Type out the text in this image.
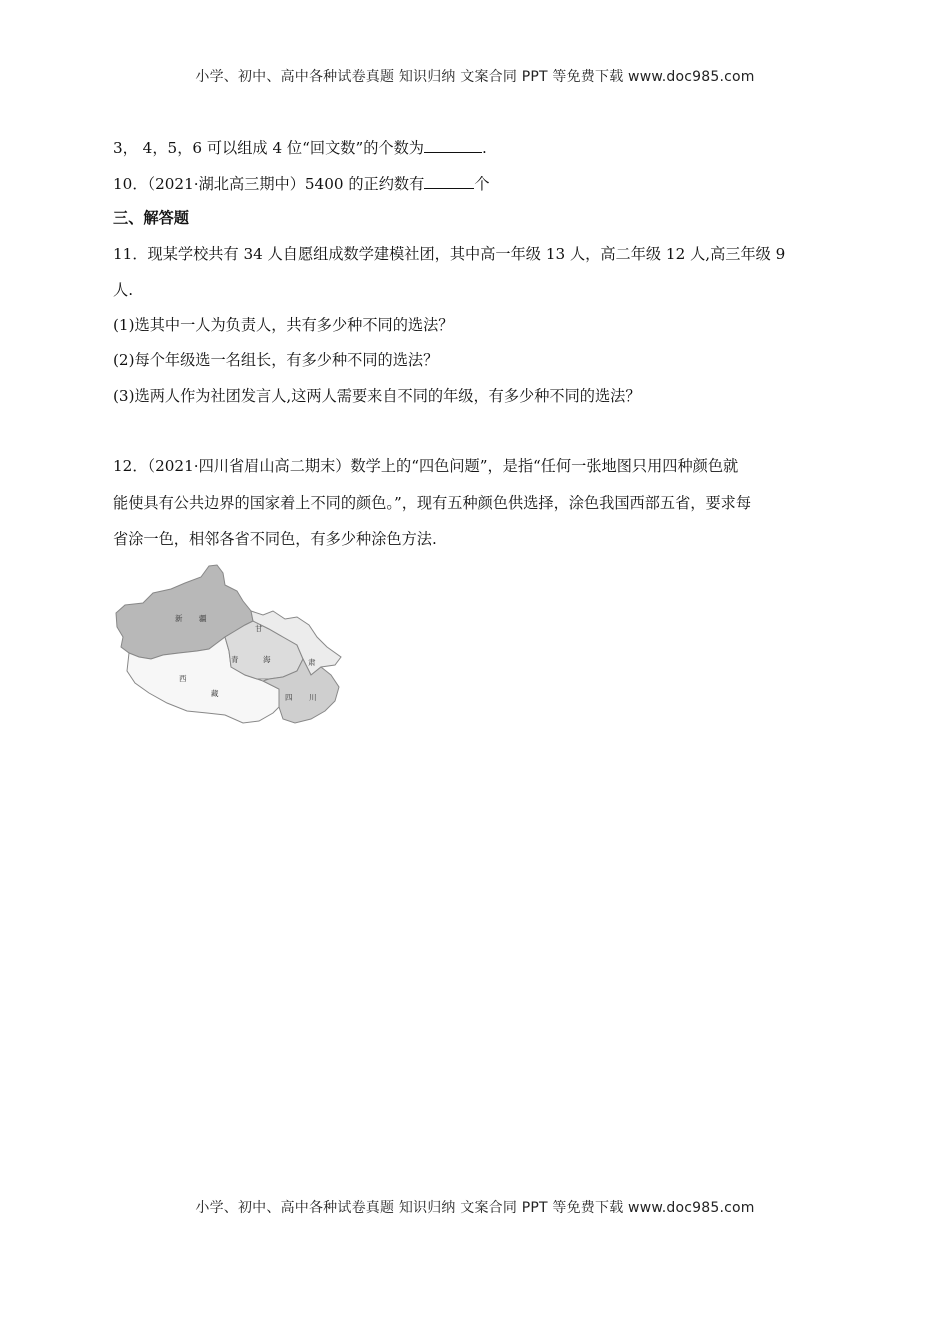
小学、初中、高中各种试卷真题 知识归纳 文案合同 PPT 等免费下载 www.doc985.com
3， 4，5，6 可以组成 4 位“回文数”的个数为	.
10．（2021·湖北高三期中）5400 的正约数有	个
三、解答题
11．现某学校共有 34 人自愿组成数学建模社团，其中高一年级 13 人，高二年级 12 人,高三年级 9
人.
(1)选其中一人为负责人，共有多少种不同的选法？
(2)每个年级选一名组长，有多少种不同的选法？
(3)选两人作为社团发言人,这两人需要来自不同的年级，有多少种不同的选法？
12．（2021·四川省眉山高二期末）数学上的“四色问题”，是指“任何一张地图只用四种颜色就
能使具有公共边界的国家着上不同的颜色。”，现有五种颜色供选择，涂色我国西部五省，要求每
省涂一色，相邻各省不同色，有多少种涂色方法.
新 疆
甘
青	海	肃
西
藏	四 川
小学、初中、高中各种试卷真题 知识归纳 文案合同 PPT 等免费下载 www.doc985.com
